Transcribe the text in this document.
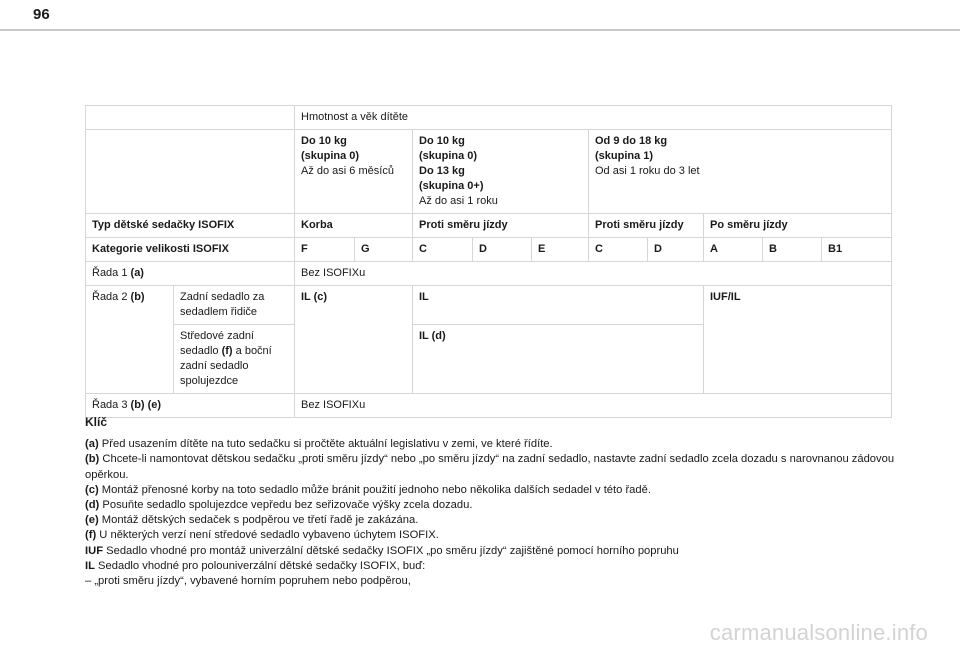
96
		Hmotnost a věk dítěte									
		Do 10 kg
(skupina 0)
Až do asi 6 měsíců		Do 10 kg
(skupina 0)
Do 13 kg
(skupina 0+)
Až do asi 1 roku			Od 9 do 18 kg
(skupina 1)
Od asi 1 roku do 3 let				
Typ dětské sedačky ISOFIX		Korba		Proti směru jízdy			Proti směru jízdy		Po směru jízdy		
Kategorie velikosti ISOFIX		F	G	C	D	E	C	D	A	B	B1
Řada 1 (a)		Bez ISOFIXu									
Řada 2 (b)	Zadní sedadlo za sedadlem řidiče	IL (c)		IL					IUF/IL		
	Středové zadní sedadlo (f) a boční zadní sedadlo spolujezdce			IL (d)							
Řada 3 (b) (e)		Bez ISOFIXu									
Klíč

(a) Před usazením dítěte na tuto sedačku si pročtěte aktuální legislativu v zemi, ve které řídíte.

(b) Chcete-li namontovat dětskou sedačku „proti směru jízdy“ nebo „po směru jízdy“ na zadní sedadlo, nastavte zadní sedadlo zcela dozadu s narovnanou zádovou opěrkou.

(c) Montáž přenosné korby na toto sedadlo může bránit použití jednoho nebo několika dalších sedadel v této řadě.

(d) Posuňte sedadlo spolujezdce vepředu bez seřizovače výšky zcela dozadu.

(e) Montáž dětských sedaček s podpěrou ve třetí řadě je zakázána.

(f) U některých verzí není středové sedadlo vybaveno úchytem ISOFIX.

IUF Sedadlo vhodné pro montáž univerzální dětské sedačky ISOFIX „po směru jízdy“ zajištěné pomocí horního popruhu

IL Sedadlo vhodné pro polouniverzální dětské sedačky ISOFIX, buď:

– „proti směru jízdy“, vybavené horním popruhem nebo podpěrou,

carmanualsonline.info
